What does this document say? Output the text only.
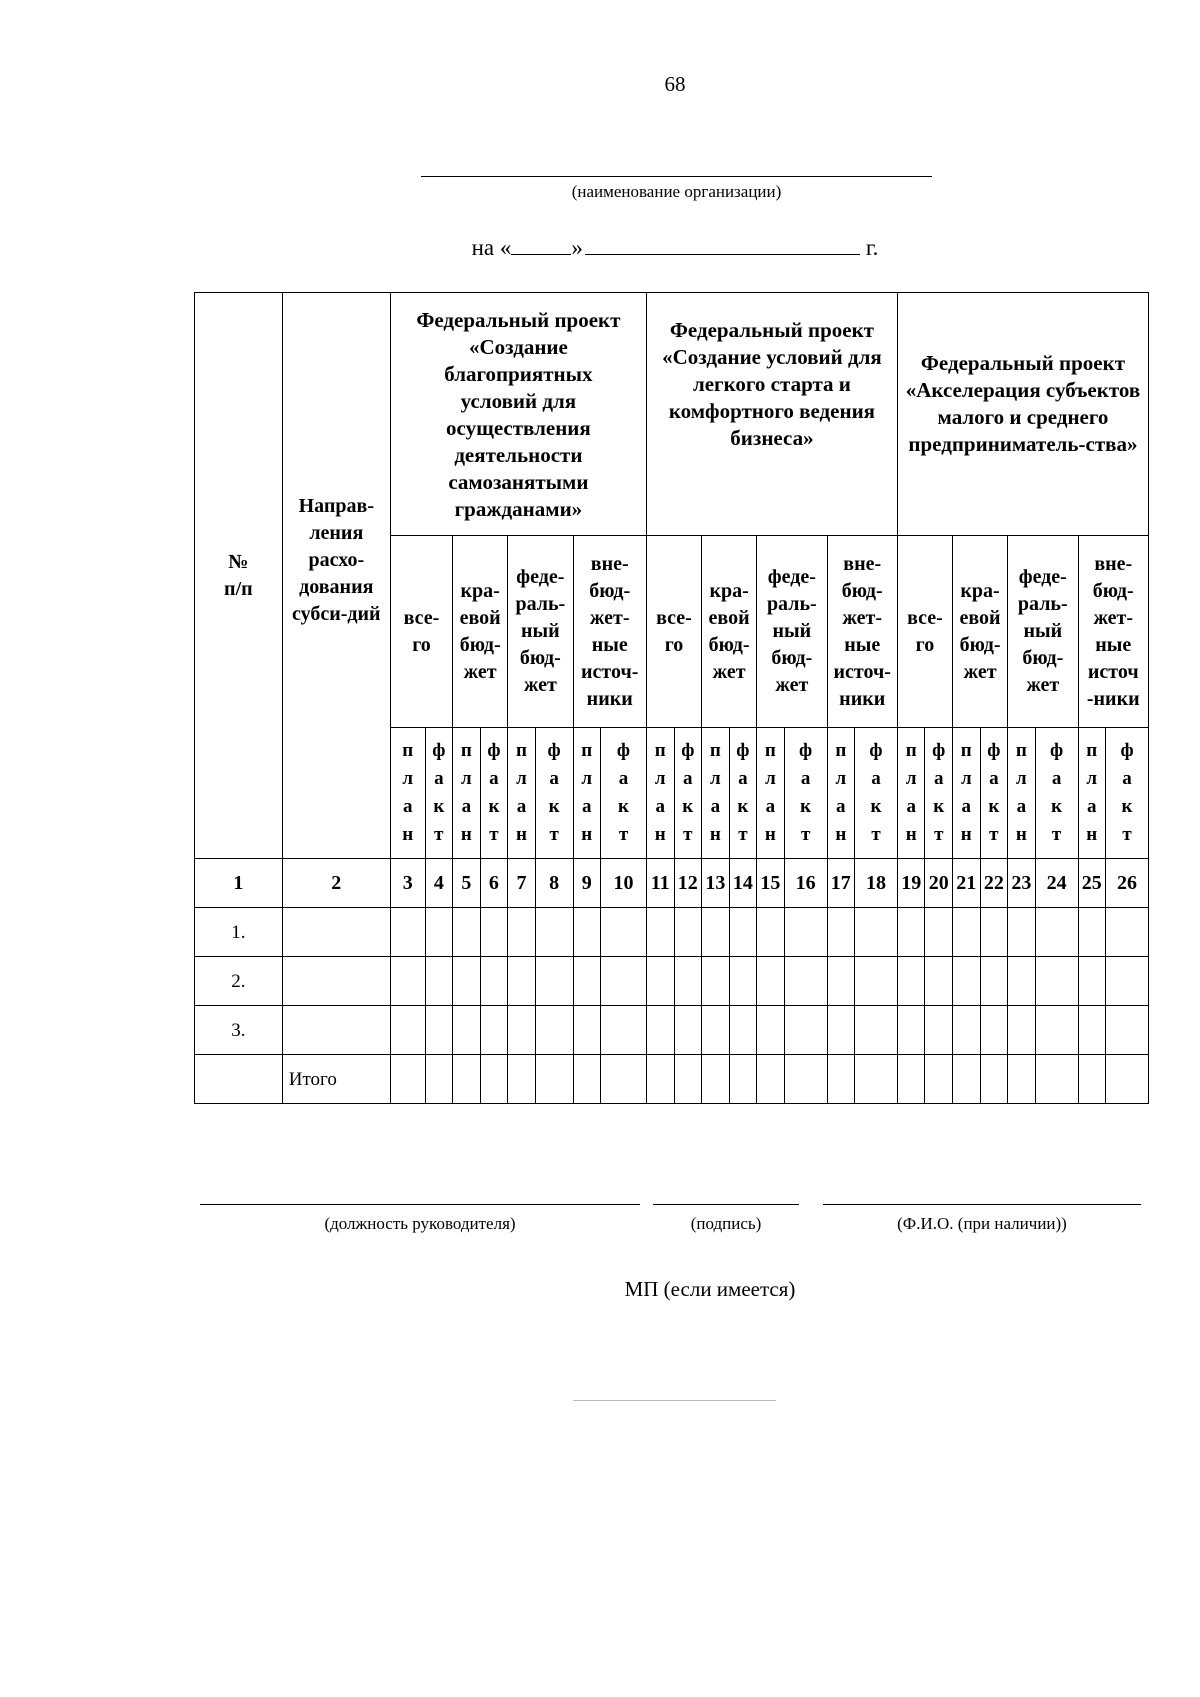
68
(наименование организации)
на «	»	г.
№ п/п	Направ-ления расхо-дования субси-дий	Федеральный проект «Создание благоприятных условий для осуществления деятельности самозанятыми гражданами»								Федеральный проект «Создание условий для легкого старта и комфортного ведения бизнеса»								Федеральный проект «Акселерация субъектов малого и среднего предприниматель-ства»							
		все-го		кра-евой бюд-жет		феде-раль-ный бюд-жет		вне-бюд-жет-ные источ-ники		все-го		кра-евой бюд-жет		феде-раль-ный бюд-жет		вне-бюд-жет-ные источ-ники		все-го		кра-евой бюд-жет		феде-раль-ный бюд-жет		вне-бюд-жет-ные источ -ники	
		план	факт	план	факт	план	факт	план	факт	план	факт	план	факт	план	факт	план	факт	план	факт	план	факт	план	факт	план	факт
1	2	3	4	5	6	7	8	9	10	11	12	13	14	15	16	17	18	19	20	21	22	23	24	25	26
1.																									
2.																									
3.																									
	Итого																								
(должность руководителя)	(подпись)	(Ф.И.О. (при наличии))
МП (если имеется)
